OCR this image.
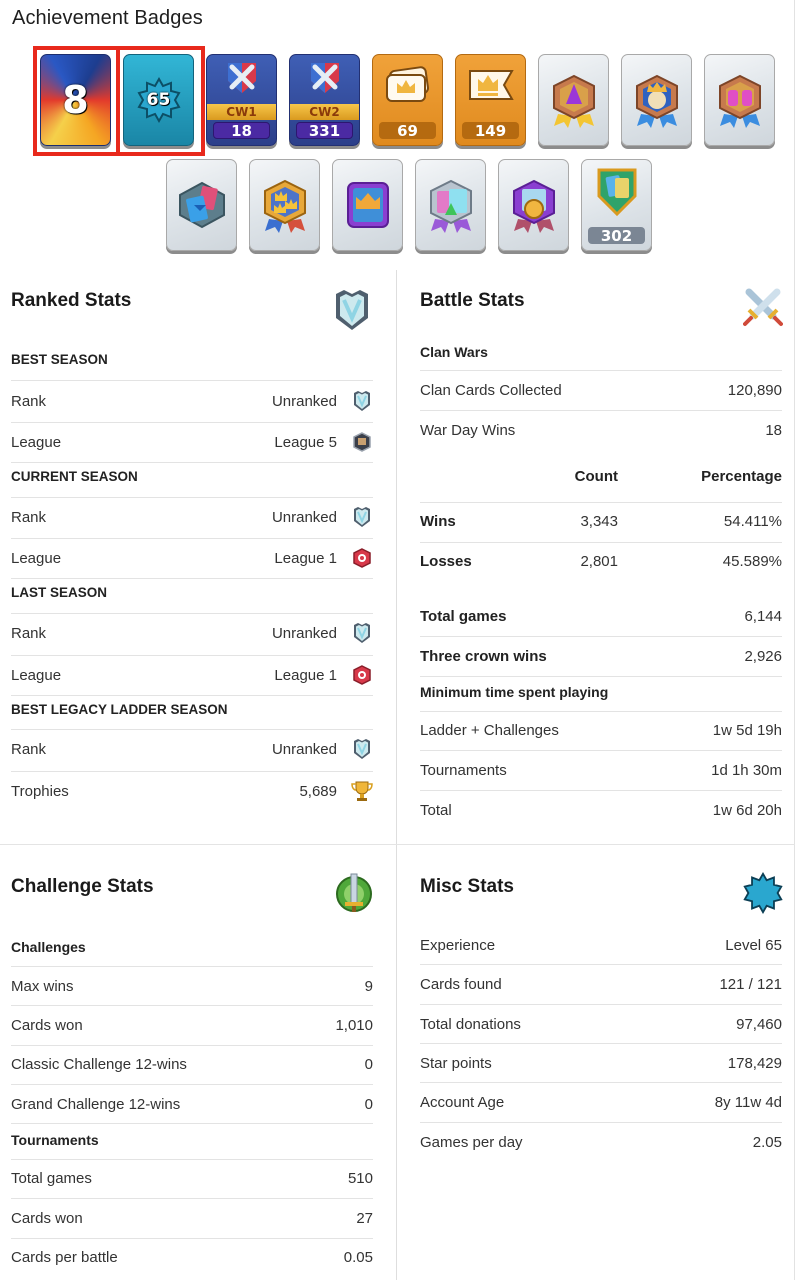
Achievement Badges
8	65
CW1
18
CW2
331	69	149
302
Ranked Stats
BEST SEASON
Rank	Unranked
League	League 5
CURRENT SEASON
Rank	Unranked
League	League 1
LAST SEASON
Rank	Unranked
League	League 1
BEST LEGACY LADDER SEASON
Rank	Unranked
Trophies	5,689
Battle Stats
Clan Wars
Clan Cards Collected	120,890
War Day Wins	18
Count	Percentage
Wins	3,343	54.411%
Losses	2,801	45.589%
Total games	6,144
Three crown wins	2,926
Minimum time spent playing
Ladder + Challenges	1w 5d 19h
Tournaments	1d 1h 30m
Total	1w 6d 20h
Challenge Stats
Challenges
Max wins	9
Cards won	1,010
Classic Challenge 12-wins	0
Grand Challenge 12-wins	0
Tournaments
Total games	510
Cards won	27
Cards per battle	0.05
Misc Stats
Experience	Level 65
Cards found	121 / 121
Total donations	97,460
Star points	178,429
Account Age	8y 11w 4d
Games per day	2.05
